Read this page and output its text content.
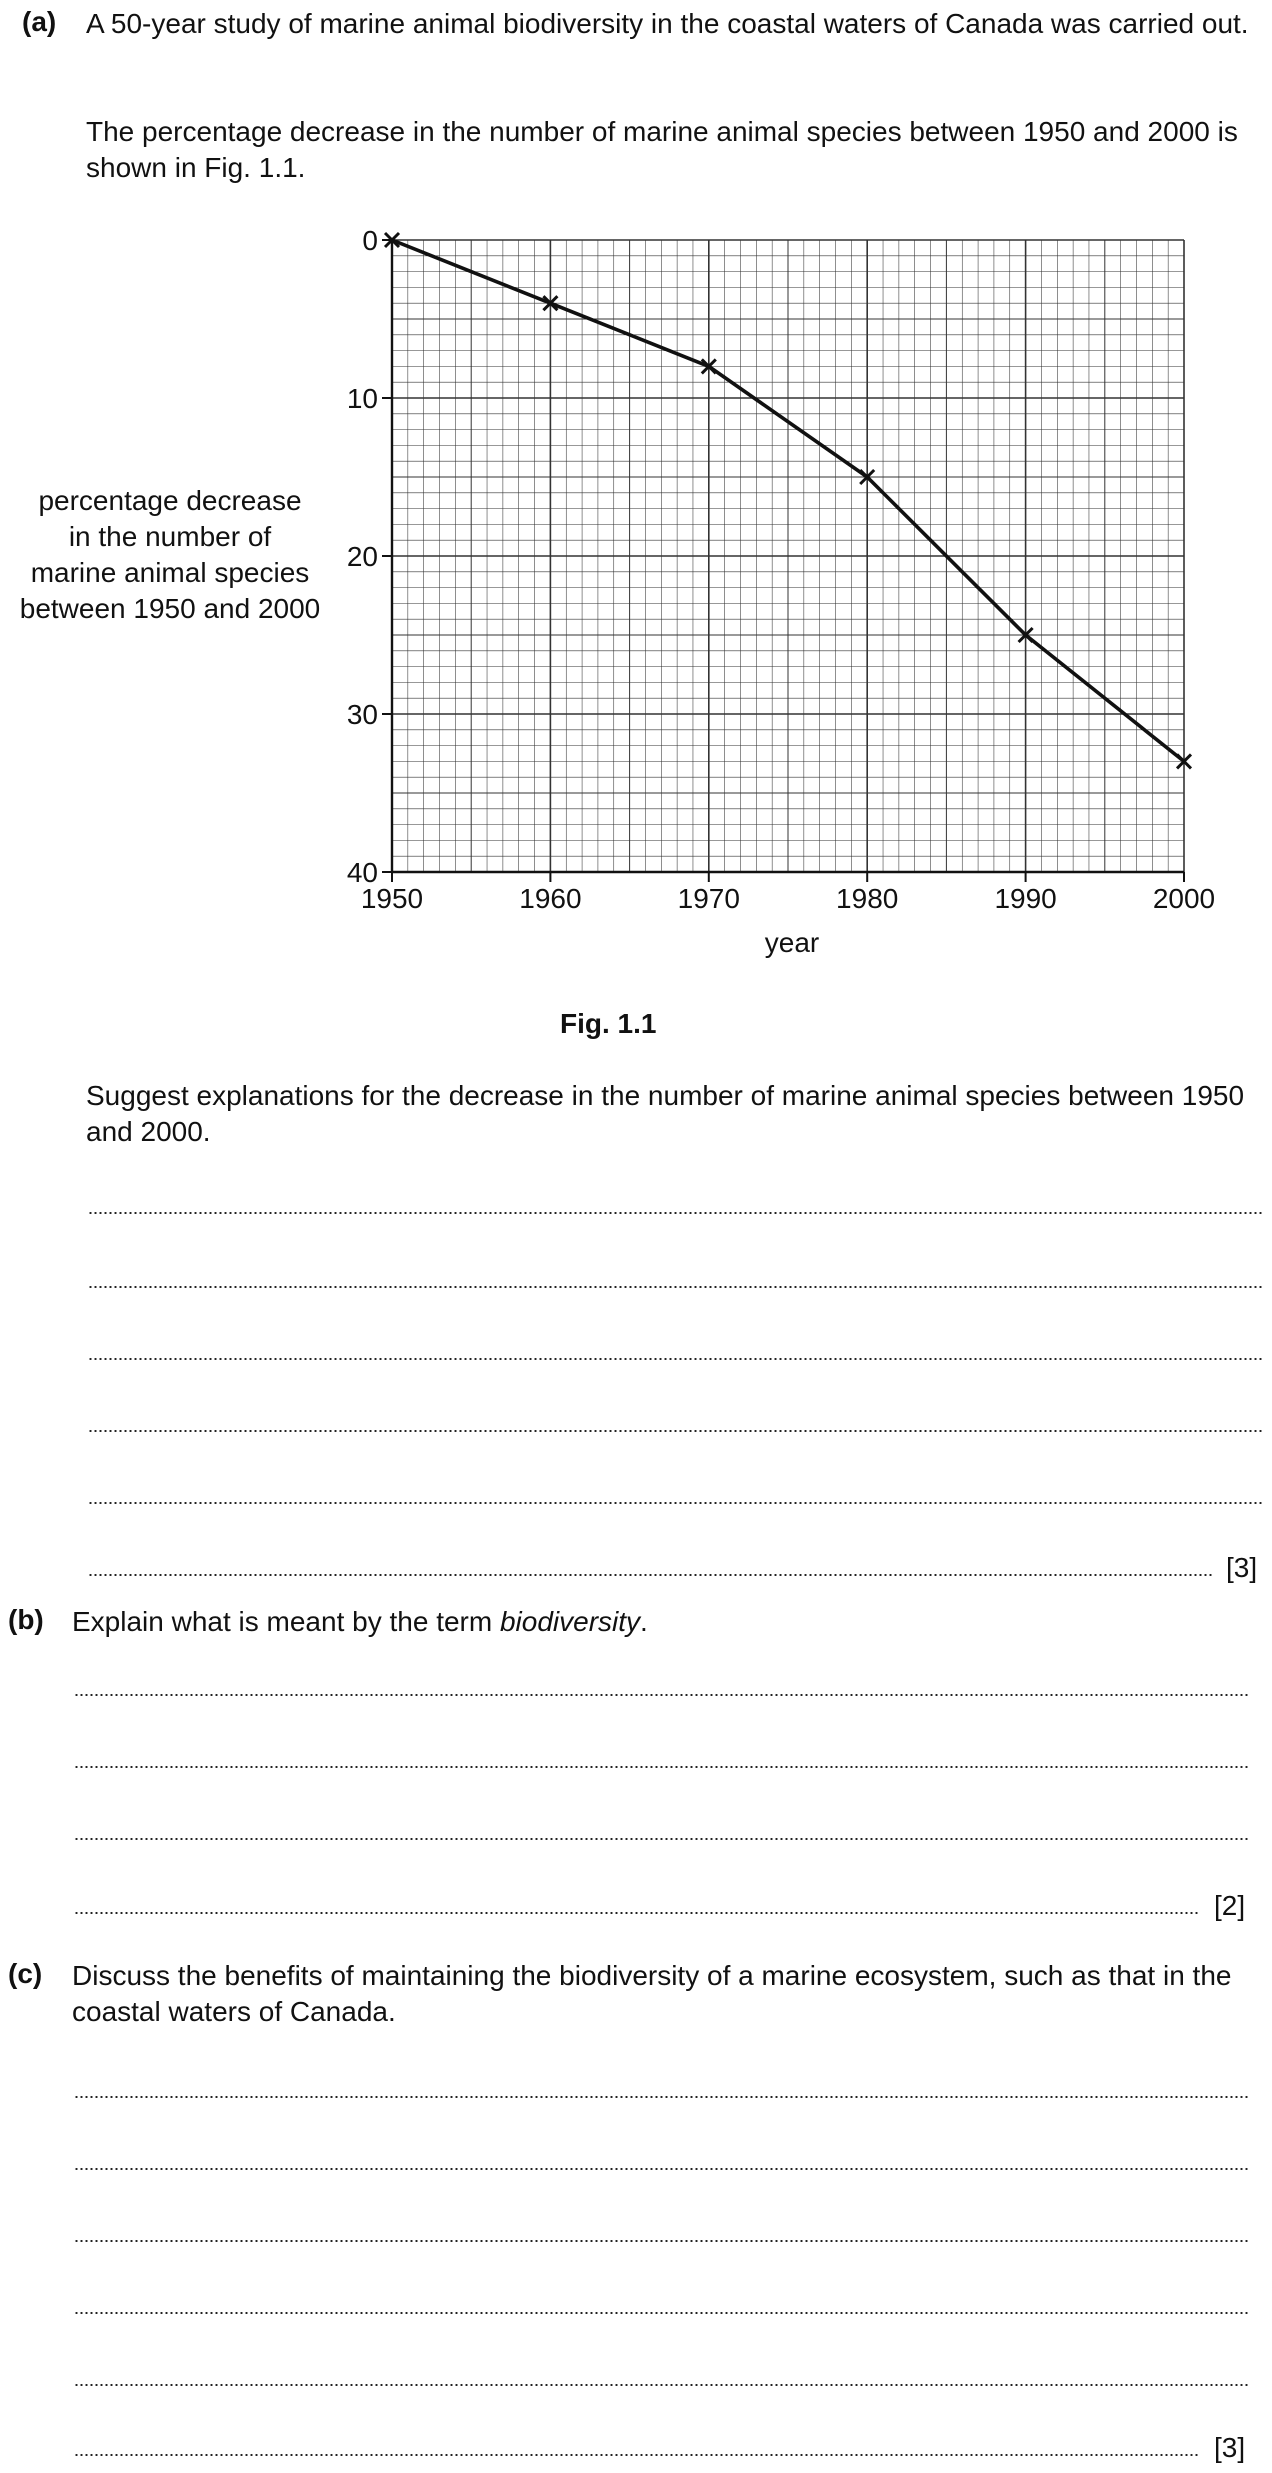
(a) A 50-year study of marine animal biodiversity in the coastal waters of Canada was carried out.
The percentage decrease in the number of marine animal species between 1950 and 2000 is shown in Fig. 1.1.
0
10
20
30
40
1950	1960	1970	1980	1990	2000
year
percentage decrease
in the number of
marine animal species
between 1950 and 2000
Fig. 1.1
Suggest explanations for the decrease in the number of marine animal species between 1950 and 2000.
[3]
(b) Explain what is meant by the term biodiversity.
[2]
(c) Discuss the benefits of maintaining the biodiversity of a marine ecosystem, such as that in the coastal waters of Canada.
[3]
